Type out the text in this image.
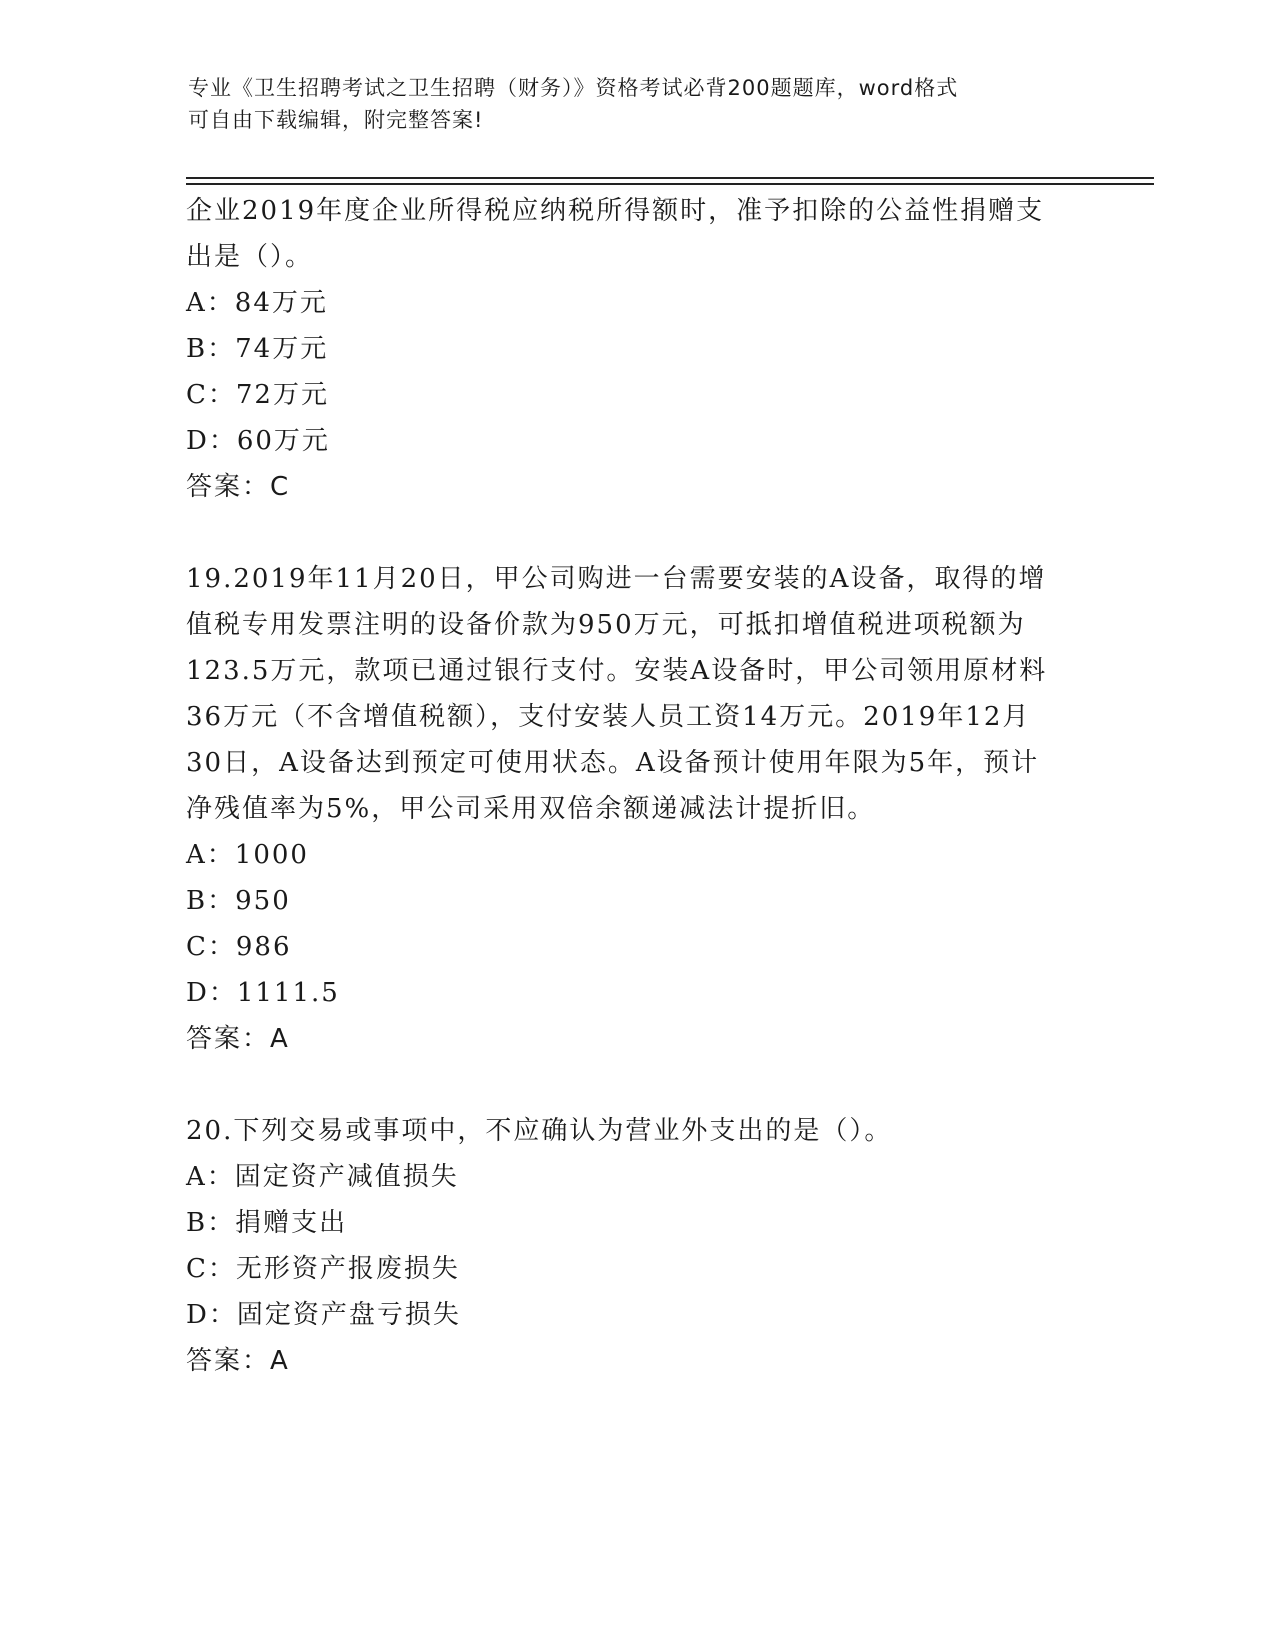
专业《卫生招聘考试之卫生招聘（财务）》资格考试必背200题题库，word格式
可自由下载编辑，附完整答案!
企业2019年度企业所得税应纳税所得额时，准予扣除的公益性捐赠支
出是（）。
A：84万元
B：74万元
C：72万元
D：60万元
答案：C
19.2019年11月20日，甲公司购进一台需要安装的A设备，取得的增
值税专用发票注明的设备价款为950万元，可抵扣增值税进项税额为
123.5万元，款项已通过银行支付。安装A设备时，甲公司领用原材料
36万元（不含增值税额），支付安装人员工资14万元。2019年12月
30日，A设备达到预定可使用状态。A设备预计使用年限为5年，预计
净残值率为5%，甲公司采用双倍余额递减法计提折旧。
A：1000
B：950
C：986
D：1111.5
答案：A
20.下列交易或事项中，不应确认为营业外支出的是（）。
A：固定资产减值损失
B：捐赠支出
C：无形资产报废损失
D：固定资产盘亏损失
答案：A
